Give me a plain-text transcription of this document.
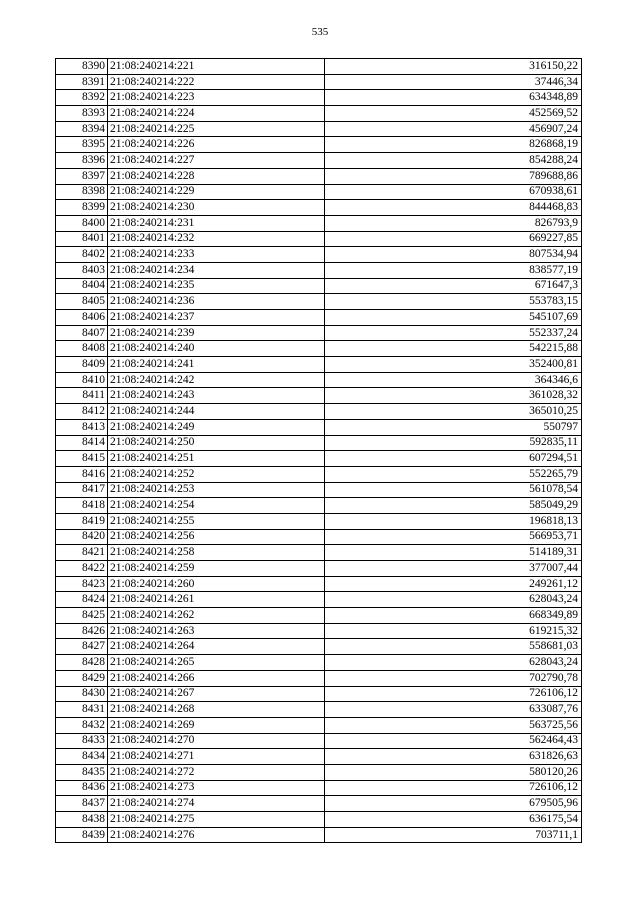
535
8390	21:08:240214:221	316150,22
8391	21:08:240214:222	37446,34
8392	21:08:240214:223	634348,89
8393	21:08:240214:224	452569,52
8394	21:08:240214:225	456907,24
8395	21:08:240214:226	826868,19
8396	21:08:240214:227	854288,24
8397	21:08:240214:228	789688,86
8398	21:08:240214:229	670938,61
8399	21:08:240214:230	844468,83
8400	21:08:240214:231	826793,9
8401	21:08:240214:232	669227,85
8402	21:08:240214:233	807534,94
8403	21:08:240214:234	838577,19
8404	21:08:240214:235	671647,3
8405	21:08:240214:236	553783,15
8406	21:08:240214:237	545107,69
8407	21:08:240214:239	552337,24
8408	21:08:240214:240	542215,88
8409	21:08:240214:241	352400,81
8410	21:08:240214:242	364346,6
8411	21:08:240214:243	361028,32
8412	21:08:240214:244	365010,25
8413	21:08:240214:249	550797
8414	21:08:240214:250	592835,11
8415	21:08:240214:251	607294,51
8416	21:08:240214:252	552265,79
8417	21:08:240214:253	561078,54
8418	21:08:240214:254	585049,29
8419	21:08:240214:255	196818,13
8420	21:08:240214:256	566953,71
8421	21:08:240214:258	514189,31
8422	21:08:240214:259	377007,44
8423	21:08:240214:260	249261,12
8424	21:08:240214:261	628043,24
8425	21:08:240214:262	668349,89
8426	21:08:240214:263	619215,32
8427	21:08:240214:264	558681,03
8428	21:08:240214:265	628043,24
8429	21:08:240214:266	702790,78
8430	21:08:240214:267	726106,12
8431	21:08:240214:268	633087,76
8432	21:08:240214:269	563725,56
8433	21:08:240214:270	562464,43
8434	21:08:240214:271	631826,63
8435	21:08:240214:272	580120,26
8436	21:08:240214:273	726106,12
8437	21:08:240214:274	679505,96
8438	21:08:240214:275	636175,54
8439	21:08:240214:276	703711,1
